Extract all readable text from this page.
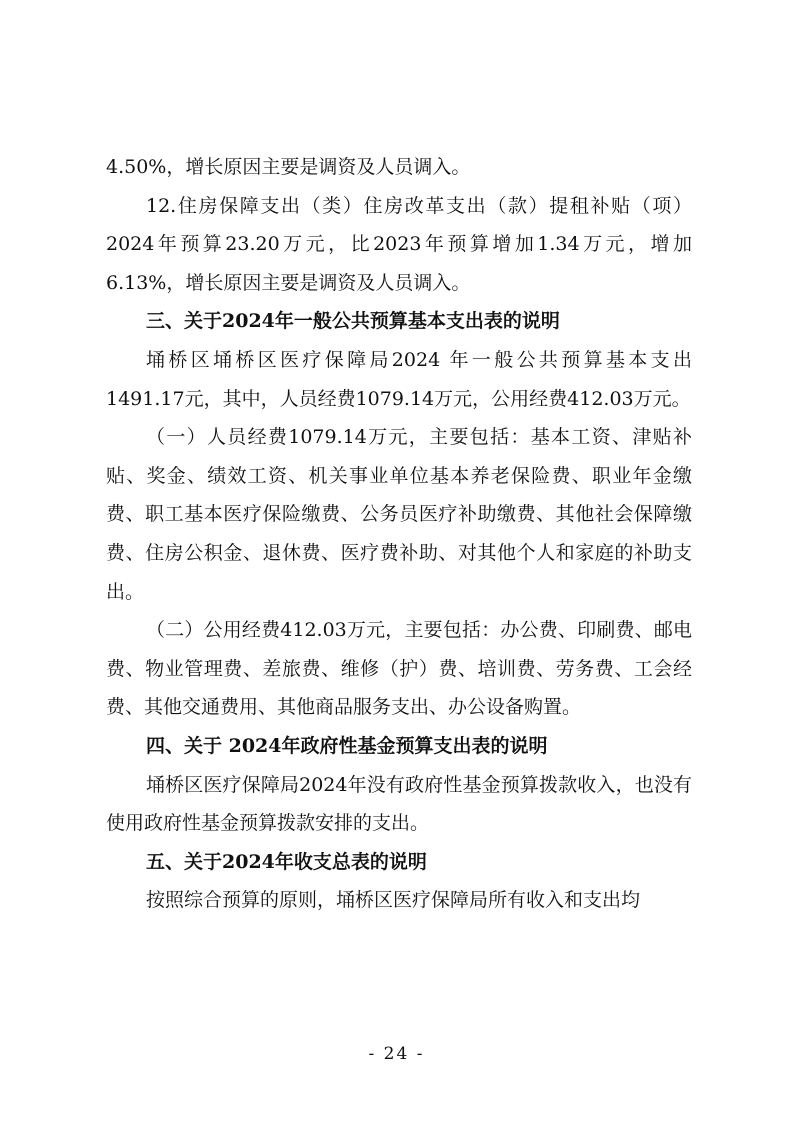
4.50%，增长原因主要是调资及人员调入。

12.住房保障支出（类）住房改革支出（款）提租补贴（项）2024年预算23.20万元，比2023年预算增加1.34万元，增加6.13%，增长原因主要是调资及人员调入。

三、关于2024年一般公共预算基本支出表的说明

埇桥区埇桥区医疗保障局2024 年一般公共预算基本支出1491.17元，其中，人员经费1079.14万元，公用经费412.03万元。

（一）人员经费1079.14万元，主要包括：基本工资、津贴补贴、奖金、绩效工资、机关事业单位基本养老保险费、职业年金缴费、职工基本医疗保险缴费、公务员医疗补助缴费、其他社会保障缴费、住房公积金、退休费、医疗费补助、对其他个人和家庭的补助支出。

（二）公用经费412.03万元，主要包括：办公费、印刷费、邮电费、物业管理费、差旅费、维修（护）费、培训费、劳务费、工会经费、其他交通费用、其他商品服务支出、办公设备购置。

四、关于 2024年政府性基金预算支出表的说明

埇桥区医疗保障局2024年没有政府性基金预算拨款收入，也没有使用政府性基金预算拨款安排的支出。

五、关于2024年收支总表的说明

按照综合预算的原则，埇桥区医疗保障局所有收入和支出均

- 24 -
